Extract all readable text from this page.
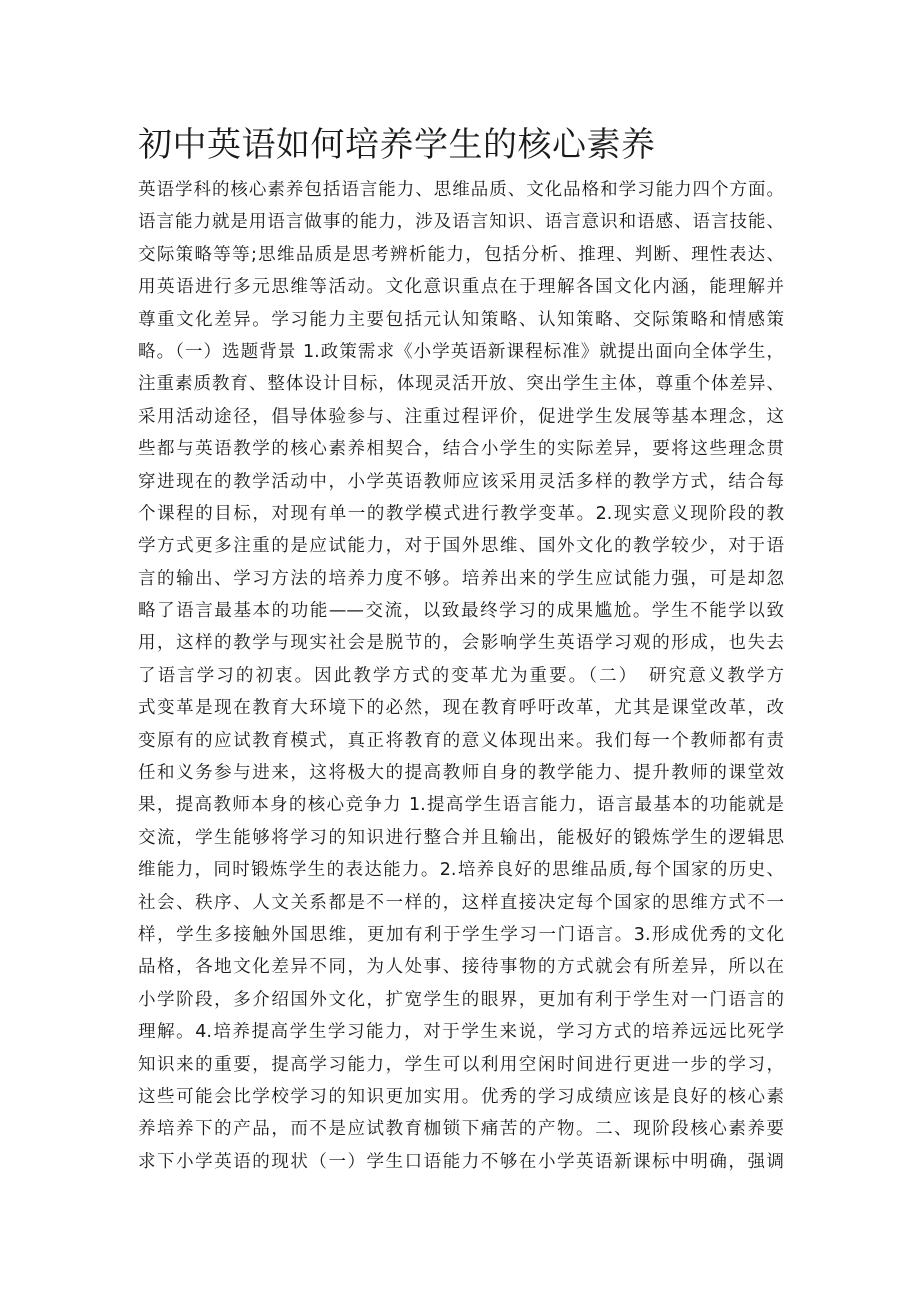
初中英语如何培养学生的核心素养
英语学科的核心素养包括语言能力、思维品质、文化品格和学习能力四个方面。
语言能力就是用语言做事的能力，涉及语言知识、语言意识和语感、语言技能、
交际策略等等;思维品质是思考辨析能力，包括分析、推理、判断、理性表达、
用英语进行多元思维等活动。文化意识重点在于理解各国文化内涵，能理解并
尊重文化差异。学习能力主要包括元认知策略、认知策略、交际策略和情感策
略。（一）选题背景 1.政策需求《小学英语新课程标准》就提出面向全体学生，
注重素质教育、整体设计目标，体现灵活开放、突出学生主体，尊重个体差异、
采用活动途径，倡导体验参与、注重过程评价，促进学生发展等基本理念，这
些都与英语教学的核心素养相契合，结合小学生的实际差异，要将这些理念贯
穿进现在的教学活动中，小学英语教师应该采用灵活多样的教学方式，结合每
个课程的目标，对现有单一的教学模式进行教学变革。2.现实意义现阶段的教
学方式更多注重的是应试能力，对于国外思维、国外文化的教学较少，对于语
言的输出、学习方法的培养力度不够。培养出来的学生应试能力强，可是却忽
略了语言最基本的功能——交流，以致最终学习的成果尴尬。学生不能学以致
用，这样的教学与现实社会是脱节的，会影响学生英语学习观的形成，也失去
了语言学习的初衷。因此教学方式的变革尤为重要。（二）　研究意义教学方
式变革是现在教育大环境下的必然，现在教育呼吁改革，尤其是课堂改革，改
变原有的应试教育模式，真正将教育的意义体现出来。我们每一个教师都有责
任和义务参与进来，这将极大的提高教师自身的教学能力、提升教师的课堂效
果，提高教师本身的核心竞争力 1.提高学生语言能力，语言最基本的功能就是
交流，学生能够将学习的知识进行整合并且输出，能极好的锻炼学生的逻辑思
维能力，同时锻炼学生的表达能力。2.培养良好的思维品质,每个国家的历史、
社会、秩序、人文关系都是不一样的，这样直接决定每个国家的思维方式不一
样，学生多接触外国思维，更加有利于学生学习一门语言。3.形成优秀的文化
品格，各地文化差异不同，为人处事、接待事物的方式就会有所差异，所以在
小学阶段，多介绍国外文化，扩宽学生的眼界，更加有利于学生对一门语言的
理解。4.培养提高学生学习能力，对于学生来说，学习方式的培养远远比死学
知识来的重要，提高学习能力，学生可以利用空闲时间进行更进一步的学习，
这些可能会比学校学习的知识更加实用。优秀的学习成绩应该是良好的核心素
养培养下的产品，而不是应试教育枷锁下痛苦的产物。二、现阶段核心素养要
求下小学英语的现状（一）学生口语能力不够在小学英语新课标中明确，强调
